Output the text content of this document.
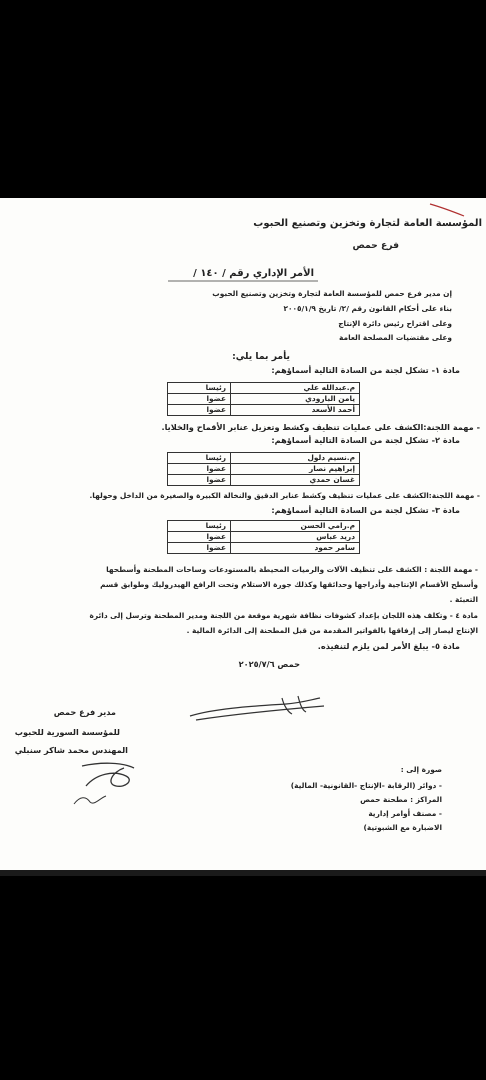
المؤسسة العامة لتجارة وتخزين وتصنيع الحبوب
فرع حمص
الأمر الإداري رقم / ١٤٠ /
إن مدير فرع حمص للمؤسسة العامة لتجارة وتخزين وتصنيع الحبوب
بناء على أحكام القانون رقم /٢/ تاريخ ٢٠٠٥/١/٩
وعلى اقتراح رئيس دائرة الإنتاج
وعلى مقتضيات المصلحة العامة
يأمر بما يلي:
مادة ١- تشكل لجنة من السادة التالية أسماؤهم:
م.عبدالله علي	رئيسا
يامن البارودي	عضوا
أحمد الأسعد	عضوا
- مهمة اللجنة:الكشف على عمليات تنظيف وكشط وتعزيل عنابر الأقماح والخلايا.
مادة ٢- تشكل لجنة من السادة التالية أسماؤهم:
م.نسيم دلول	رئيسا
إبراهيم نصار	عضوا
غسان حمدي	عضوا
- مهمة اللجنة:الكشف على عمليات تنظيف وكشط عنابر الدقيق والنخالة الكبيرة والصغيرة من الداخل وحولها.
مادة ٣- تشكل لجنة من السادة التالية أسماؤهم:
م.رامي الحسن	رئيسا
دريد عباس	عضوا
سامر حمود	عضوا
- مهمة اللجنة : الكشف على تنظيف الآلات والرميات المحيطة بالمستودعات وساحات المطحنة وأسطحها
وأسطح الأقسام الإنتاجية وأدراجها وحدائقها وكذلك جورة الاستلام وتحت الرافع الهيدروليك وطوابق قسم
التعبئة .
مادة ٤ - وتكلف هذه اللجان بإعداد كشوفات نظافة شهرية موقعة من اللجنة ومدير المطحنة وترسل إلى دائرة
الإنتاج ليصار إلى إرفاقها بالفواتير المقدمة من قبل المطحنة إلى الدائرة المالية .
مادة ٥- يبلغ الأمر لمن يلزم لتنفيذه.
حمص ٢٠٢٥/٧/٦
مدير فرع حمص
للمؤسسة السورية للحبوب
المهندس محمد شاكر سنبلي
صورة إلى :
- دوائر (الرقابة -الإنتاج -القانونية- المالية)
المراكز : مطحنة حمص
- مصنف أوامر إدارية
الاضبارة مع الشبوتية)
